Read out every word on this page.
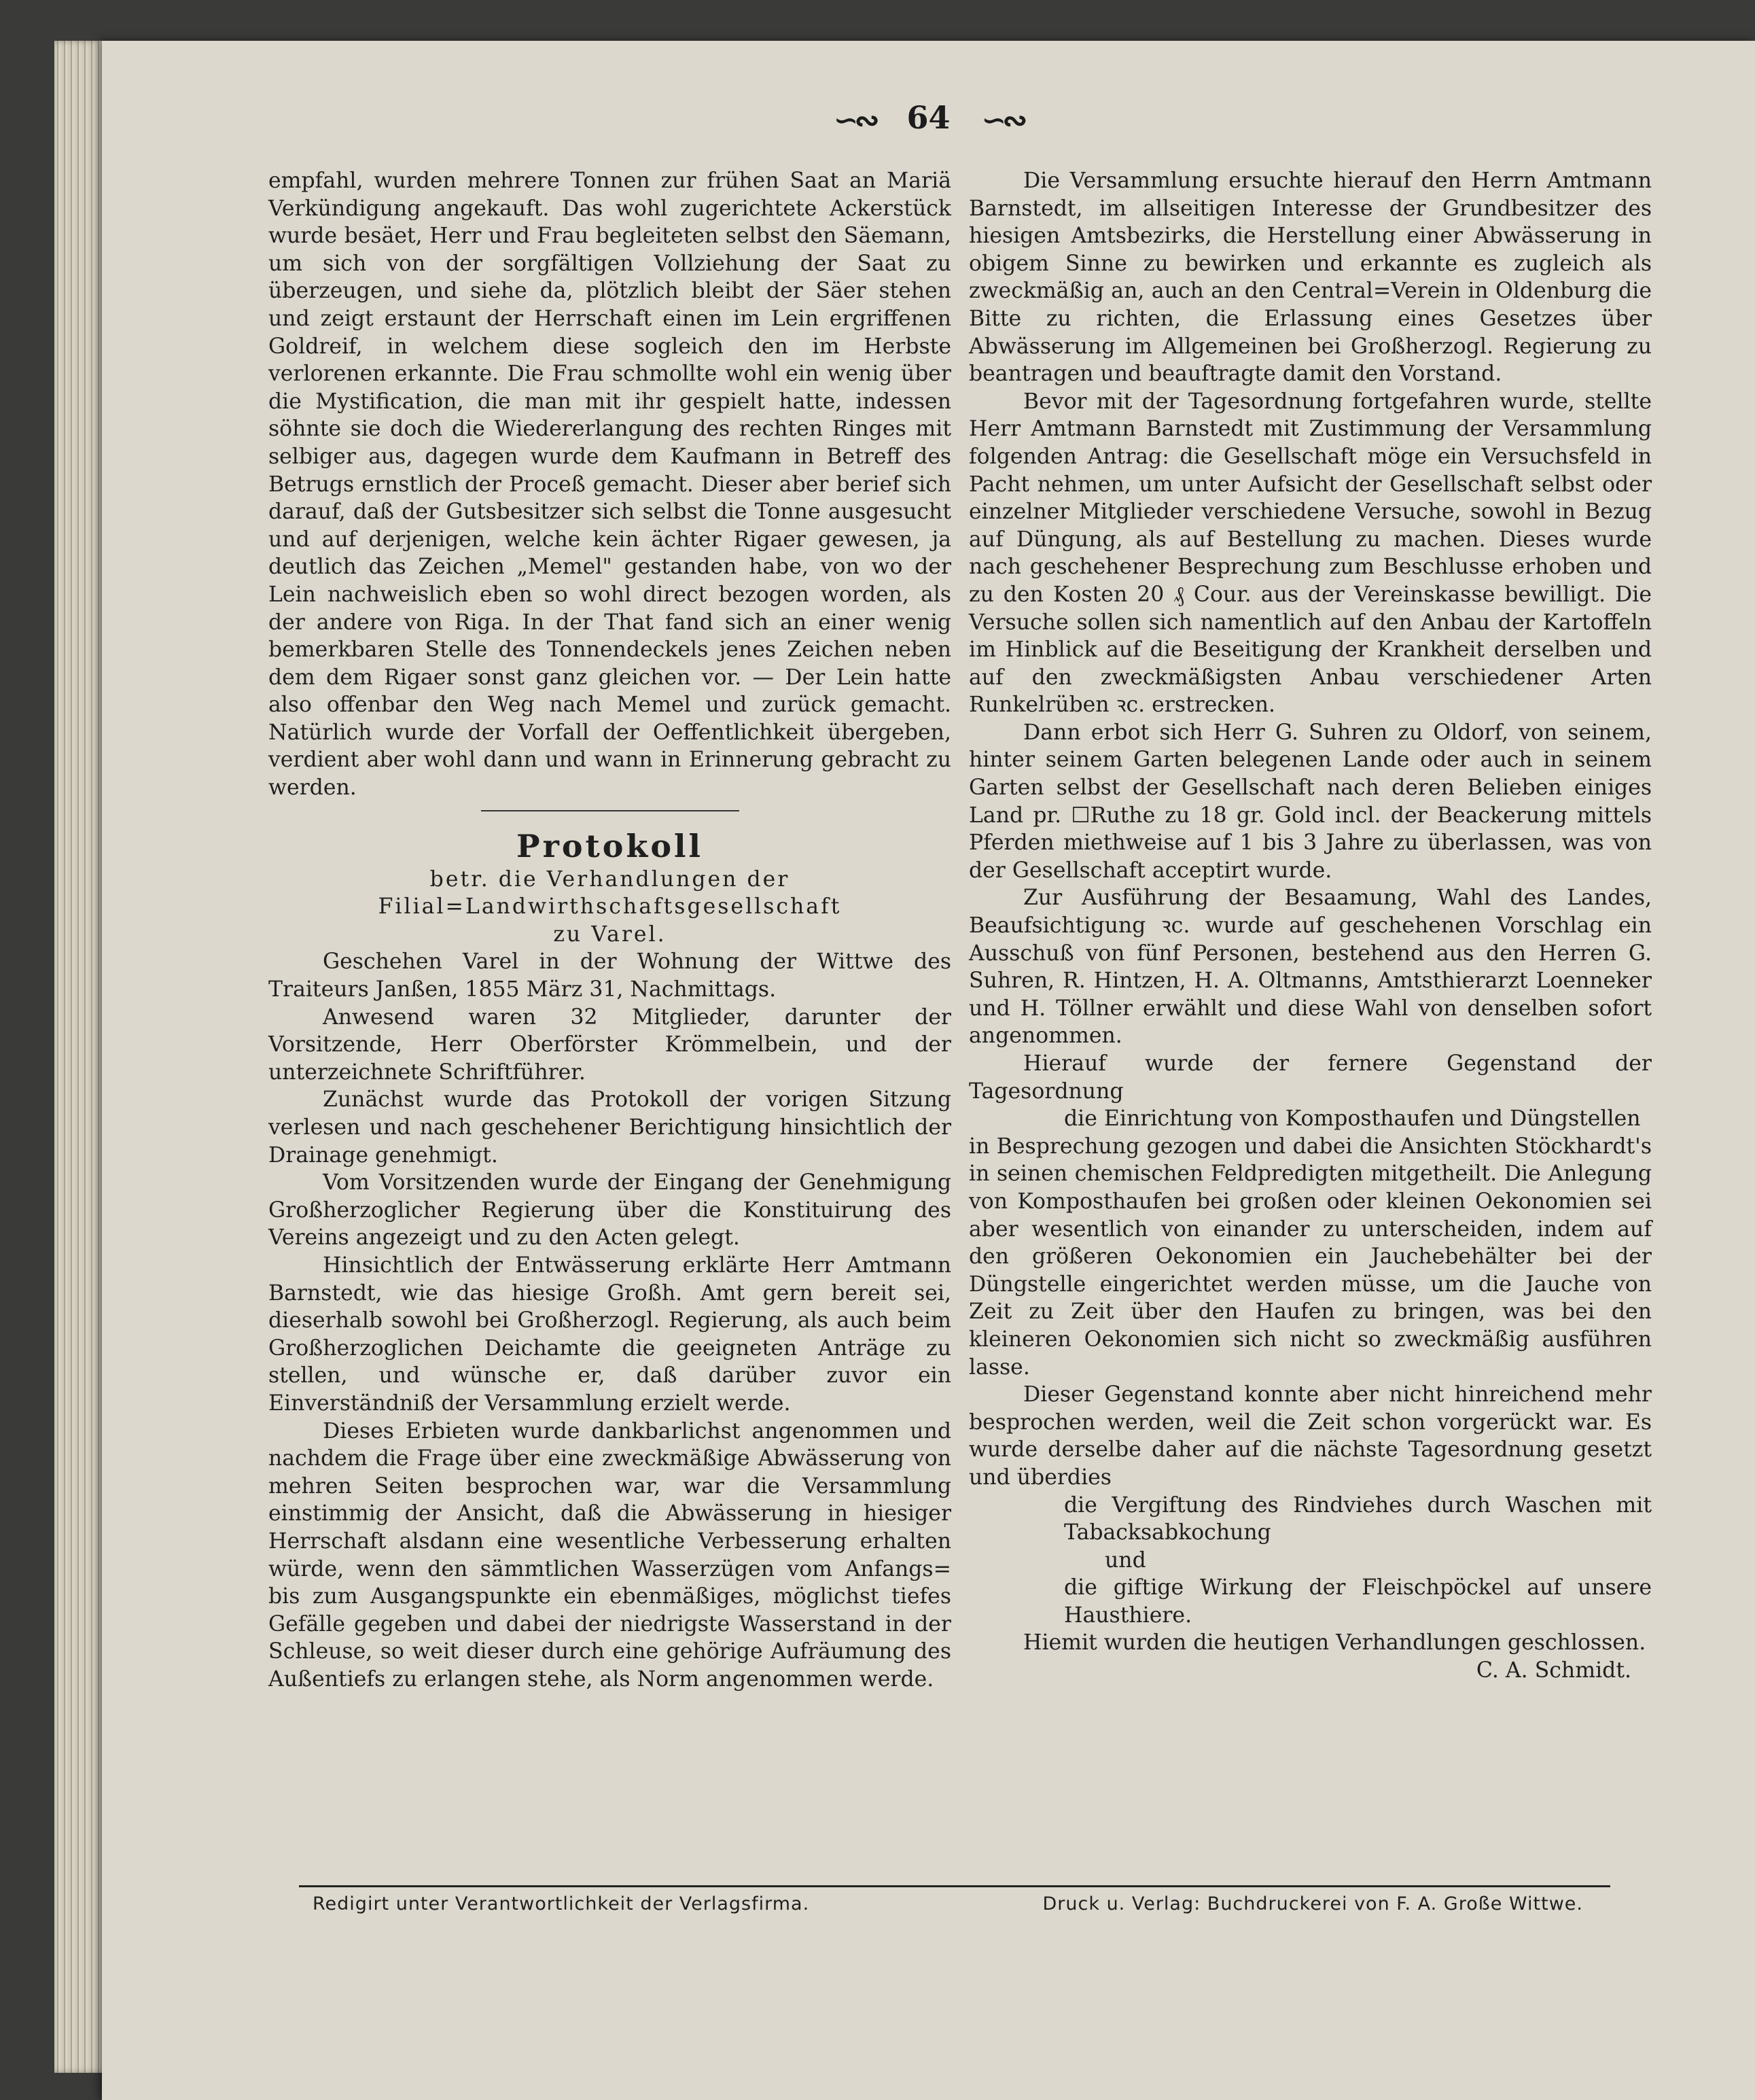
∽∾ 64 ∽∾

empfahl, wurden mehrere Tonnen zur frühen Saat an Mariä Verkündigung angekauft. Das wohl zugerichtete Ackerstück wurde besäet, Herr und Frau begleiteten selbst den Säemann, um sich von der sorgfältigen Vollziehung der Saat zu überzeugen, und siehe da, plötzlich bleibt der Säer stehen und zeigt erstaunt der Herrschaft einen im Lein ergriffenen Goldreif, in welchem diese sogleich den im Herbste verlorenen erkannte. Die Frau schmollte wohl ein wenig über die Mystification, die man mit ihr gespielt hatte, indessen söhnte sie doch die Wiedererlangung des rechten Ringes mit selbiger aus, dagegen wurde dem Kaufmann in Betreff des Betrugs ernstlich der Proceß gemacht. Dieser aber berief sich darauf, daß der Gutsbesitzer sich selbst die Tonne ausgesucht und auf derjenigen, welche kein ächter Rigaer gewesen, ja deutlich das Zeichen „Memel" gestanden habe, von wo der Lein nachweislich eben so wohl direct bezogen worden, als der andere von Riga. In der That fand sich an einer wenig bemerkbaren Stelle des Tonnendeckels jenes Zeichen neben dem dem Rigaer sonst ganz gleichen vor. — Der Lein hatte also offenbar den Weg nach Memel und zurück gemacht. Natürlich wurde der Vorfall der Oeffentlichkeit übergeben, verdient aber wohl dann und wann in Erinnerung gebracht zu werden.

Protokoll

betr. die Verhandlungen der

Filial=Landwirthschaftsgesellschaft

zu Varel.

Geschehen Varel in der Wohnung der Wittwe des Traiteurs Janßen, 1855 März 31, Nachmittags.

Anwesend waren 32 Mitglieder, darunter der Vorsitzende, Herr Oberförster Krömmelbein, und der unterzeichnete Schriftführer.

Zunächst wurde das Protokoll der vorigen Sitzung verlesen und nach geschehener Berichtigung hinsichtlich der Drainage genehmigt.

Vom Vorsitzenden wurde der Eingang der Genehmigung Großherzoglicher Regierung über die Konstituirung des Vereins angezeigt und zu den Acten gelegt.

Hinsichtlich der Entwässerung erklärte Herr Amtmann Barnstedt, wie das hiesige Großh. Amt gern bereit sei, dieserhalb sowohl bei Großherzogl. Regierung, als auch beim Großherzoglichen Deichamte die geeigneten Anträge zu stellen, und wünsche er, daß darüber zuvor ein Einverständniß der Versammlung erzielt werde.

Dieses Erbieten wurde dankbarlichst angenommen und nachdem die Frage über eine zweckmäßige Abwässerung von mehren Seiten besprochen war, war die Versammlung einstimmig der Ansicht, daß die Abwässerung in hiesiger Herrschaft alsdann eine wesentliche Verbesserung erhalten würde, wenn den sämmtlichen Wasserzügen vom Anfangs= bis zum Ausgangspunkte ein ebenmäßiges, möglichst tiefes Gefälle gegeben und dabei der niedrigste Wasserstand in der Schleuse, so weit dieser durch eine gehörige Aufräumung des Außentiefs zu erlangen stehe, als Norm angenommen werde.

Die Versammlung ersuchte hierauf den Herrn Amtmann Barnstedt, im allseitigen Interesse der Grundbesitzer des hiesigen Amtsbezirks, die Herstellung einer Abwässerung in obigem Sinne zu bewirken und erkannte es zugleich als zweckmäßig an, auch an den Central=Verein in Oldenburg die Bitte zu richten, die Erlassung eines Gesetzes über Abwässerung im Allgemeinen bei Großherzogl. Regierung zu beantragen und beauftragte damit den Vorstand.

Bevor mit der Tagesordnung fortgefahren wurde, stellte Herr Amtmann Barnstedt mit Zustimmung der Versammlung folgenden Antrag: die Gesellschaft möge ein Versuchsfeld in Pacht nehmen, um unter Aufsicht der Gesellschaft selbst oder einzelner Mitglieder verschiedene Versuche, sowohl in Bezug auf Düngung, als auf Bestellung zu machen. Dieses wurde nach geschehener Besprechung zum Beschlusse erhoben und zu den Kosten 20 ₰ Cour. aus der Vereinskasse bewilligt. Die Versuche sollen sich namentlich auf den Anbau der Kartoffeln im Hinblick auf die Beseitigung der Krankheit derselben und auf den zweckmäßigsten Anbau verschiedener Arten Runkelrüben ꝛc. erstrecken.

Dann erbot sich Herr G. Suhren zu Oldorf, von seinem, hinter seinem Garten belegenen Lande oder auch in seinem Garten selbst der Gesellschaft nach deren Belieben einiges Land pr. ☐Ruthe zu 18 gr. Gold incl. der Beackerung mittels Pferden miethweise auf 1 bis 3 Jahre zu überlassen, was von der Gesellschaft acceptirt wurde.

Zur Ausführung der Besaamung, Wahl des Landes, Beaufsichtigung ꝛc. wurde auf geschehenen Vorschlag ein Ausschuß von fünf Personen, bestehend aus den Herren G. Suhren, R. Hintzen, H. A. Oltmanns, Amtsthierarzt Loenneker und H. Töllner erwählt und diese Wahl von denselben sofort angenommen.

Hierauf wurde der fernere Gegenstand der Tagesordnung

die Einrichtung von Komposthaufen und Düngstellen

in Besprechung gezogen und dabei die Ansichten Stöckhardt's in seinen chemischen Feldpredigten mitgetheilt. Die Anlegung von Komposthaufen bei großen oder kleinen Oekonomien sei aber wesentlich von einander zu unterscheiden, indem auf den größeren Oekonomien ein Jauchebehälter bei der Düngstelle eingerichtet werden müsse, um die Jauche von Zeit zu Zeit über den Haufen zu bringen, was bei den kleineren Oekonomien sich nicht so zweckmäßig ausführen lasse.

Dieser Gegenstand konnte aber nicht hinreichend mehr besprochen werden, weil die Zeit schon vorgerückt war. Es wurde derselbe daher auf die nächste Tagesordnung gesetzt und überdies

die Vergiftung des Rindviehes durch Waschen mit Tabacksabkochung

und

die giftige Wirkung der Fleischpöckel auf unsere Hausthiere.

Hiemit wurden die heutigen Verhandlungen geschlossen.

C. A. Schmidt.

Redigirt unter Verantwortlichkeit der Verlagsfirma.	Druck u. Verlag: Buchdruckerei von F. A. Große Wittwe.
